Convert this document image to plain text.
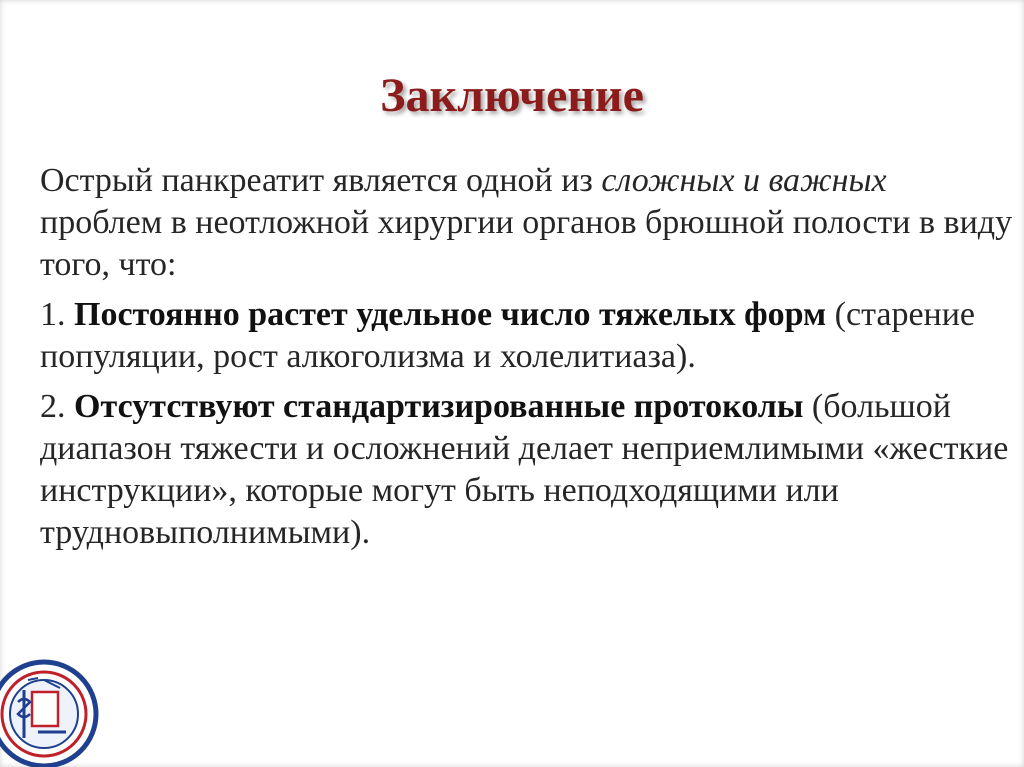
Заключение

Острый панкреатит является одной из сложных и важных проблем в неотложной хирургии органов брюшной полости в виду того, что:

1. Постоянно растет удельное число тяжелых форм (старение популяции, рост алкоголизма и холелитиаза).

2. Отсутствуют стандартизированные протоколы (большой диапазон тяжести и осложнений делает неприемлимыми «жесткие инструкции», которые могут быть неподходящими или трудновыполнимыми).
